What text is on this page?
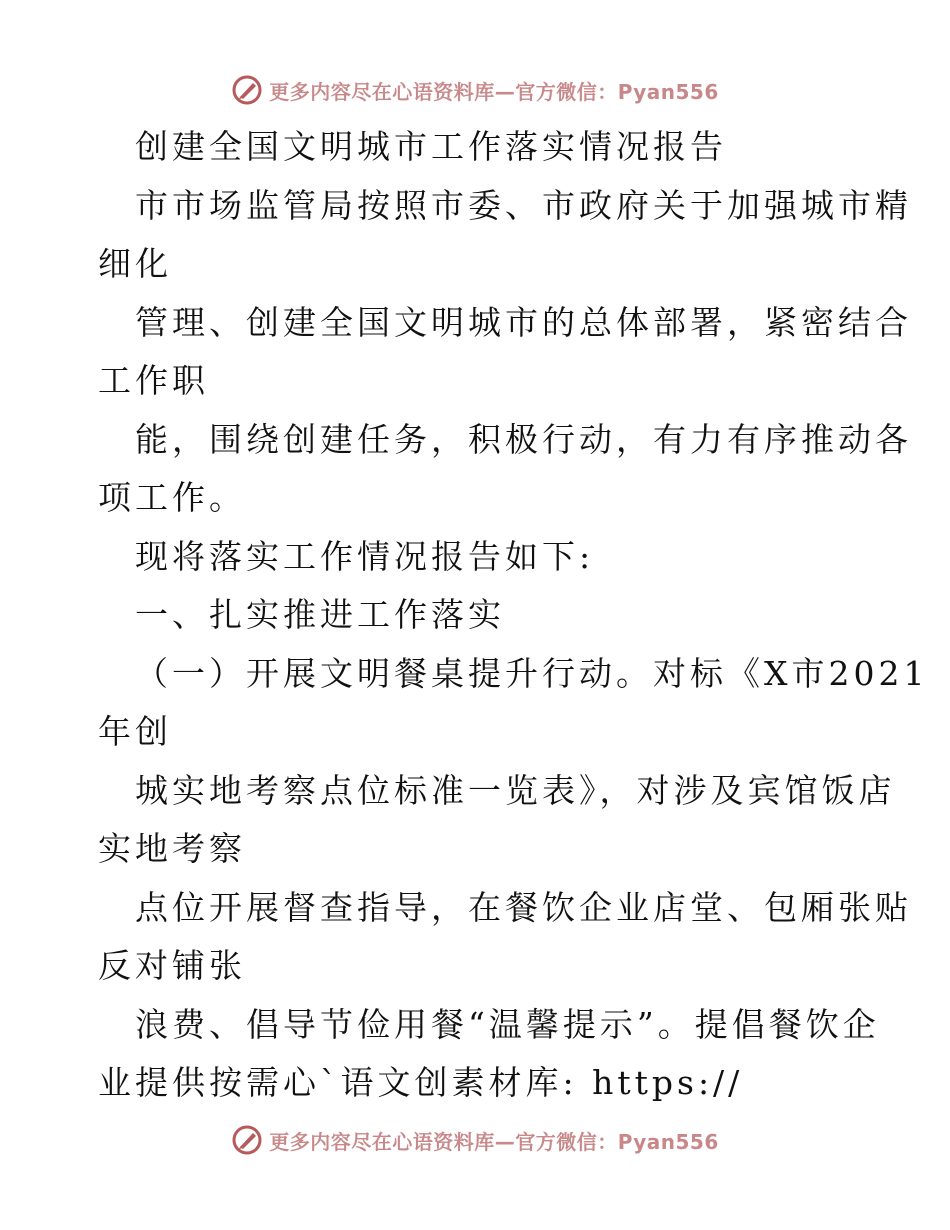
更多内容尽在心语资料库—官方微信：Pyan556
创建全国文明城市工作落实情况报告
市市场监管局按照市委、市政府关于加强城市精
细化
管理、创建全国文明城市的总体部署，紧密结合
工作职
能，围绕创建任务，积极行动，有力有序推动各
项工作。
现将落实工作情况报告如下:
一、扎实推进工作落实
（一）开展文明餐桌提升行动。对标《X市2021
年创
城实地考察点位标准一览表》，对涉及宾馆饭店
实地考察
点位开展督查指导，在餐饮企业店堂、包厢张贴
反对铺张
浪费、倡导节俭用餐“温馨提示”。提倡餐饮企
业提供按需心`语文创素材库: https://
更多内容尽在心语资料库—官方微信：Pyan556
